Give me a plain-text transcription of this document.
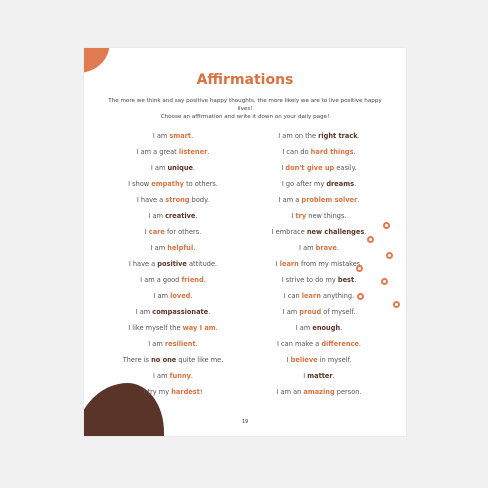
Affirmations

The more we think and say positive happy thoughts, the more likely we are to live positive happy lives!
Choose an affirmation and write it down on your daily page!

I am smart.
I am a great listener.
I am unique.
I show empathy to others.
I have a strong body.
I am creative.
I care for others.
I am helpful.
I have a positive attitude.
I am a good friend.
I am loved.
I am compassionate.
I like myself the way I am.
I am resilient.
There is no one quite like me.
I am funny.
I try my hardest!
I am on the right track.
I can do hard things.
I don't give up easily.
I go after my dreams.
I am a problem solver.
I try new things.
I embrace new challenges.
I am brave.
I learn from my mistakes.
I strive to do my best.
I can learn anything.
I am proud of myself.
I am enough.
I can make a difference.
I believe in myself.
I matter.
I am an amazing person.
19
